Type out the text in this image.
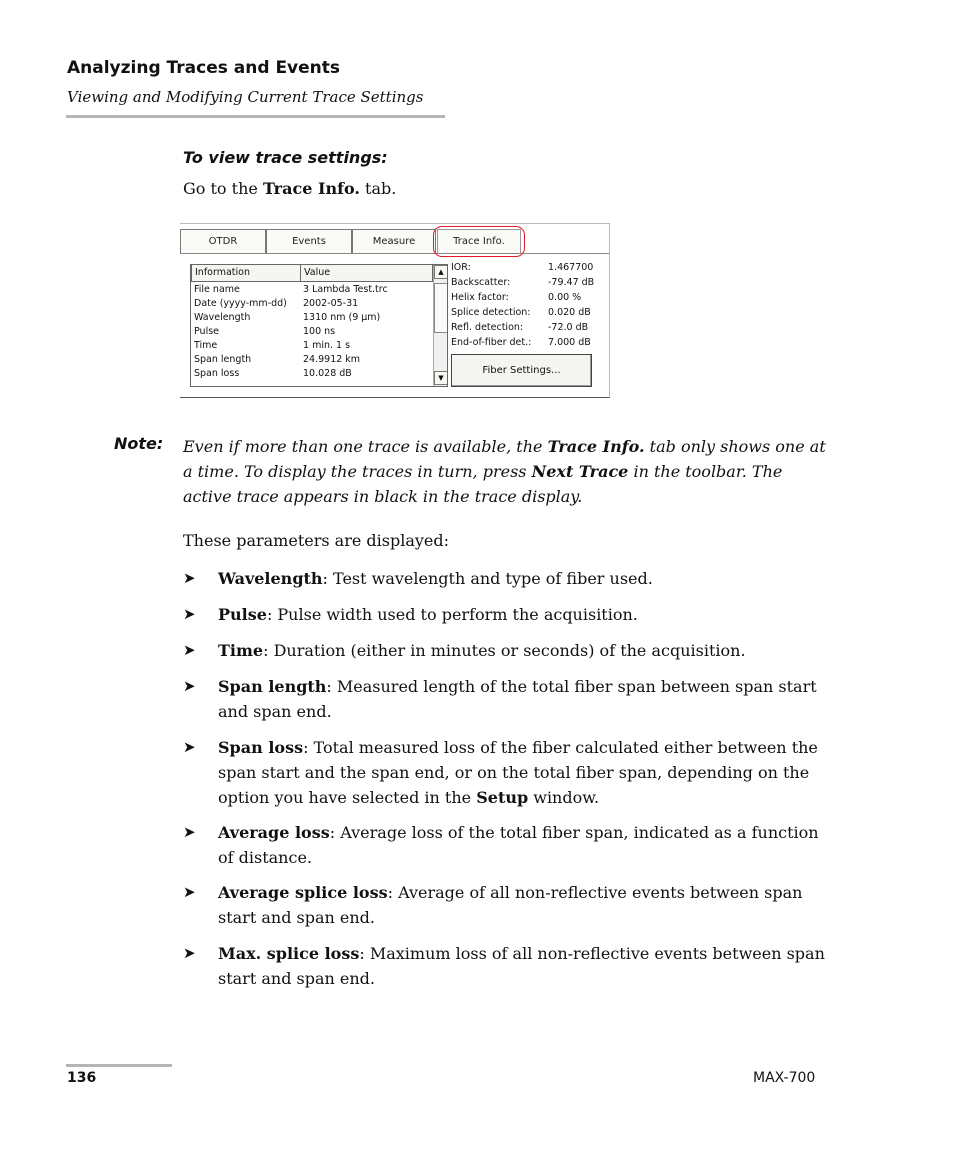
Analyzing Traces and Events
Viewing and Modifying Current Trace Settings
To view trace settings:
Go to the Trace Info. tab.
OTDR	Events	Measure	Trace Info.
Information	Value
File name	3 Lambda Test.trc
Date (yyyy-mm-dd) 2002-05-31
Wavelength	1310 nm (9 µm)
Pulse	100 ns
Time	1 min. 1 s
Span length	24.9912 km
Span loss	10.028 dB
▲
▼
IOR:	1.467700
Backscatter:	-79.47 dB
Helix factor:	0.00 %
Splice detection: 0.020 dB
Refl. detection:	-72.0 dB
End-of-fiber det.: 7.000 dB
Fiber Settings...
Note: Even if more than one trace is available, the Trace Info. tab only shows one at a time. To display the traces in turn, press Next Trace in the toolbar. The active trace appears in black in the trace display.
These parameters are displayed:
➤ Wavelength: Test wavelength and type of fiber used.
➤ Pulse: Pulse width used to perform the acquisition.
➤ Time: Duration (either in minutes or seconds) of the acquisition.
➤ Span length: Measured length of the total fiber span between span start and span end.
➤ Span loss: Total measured loss of the fiber calculated either between the span start and the span end, or on the total fiber span, depending on the option you have selected in the Setup window.
➤ Average loss: Average loss of the total fiber span, indicated as a function of distance.
➤ Average splice loss: Average of all non-reflective events between span start and span end.
➤ Max. splice loss: Maximum loss of all non-reflective events between span start and span end.
136	MAX-700
